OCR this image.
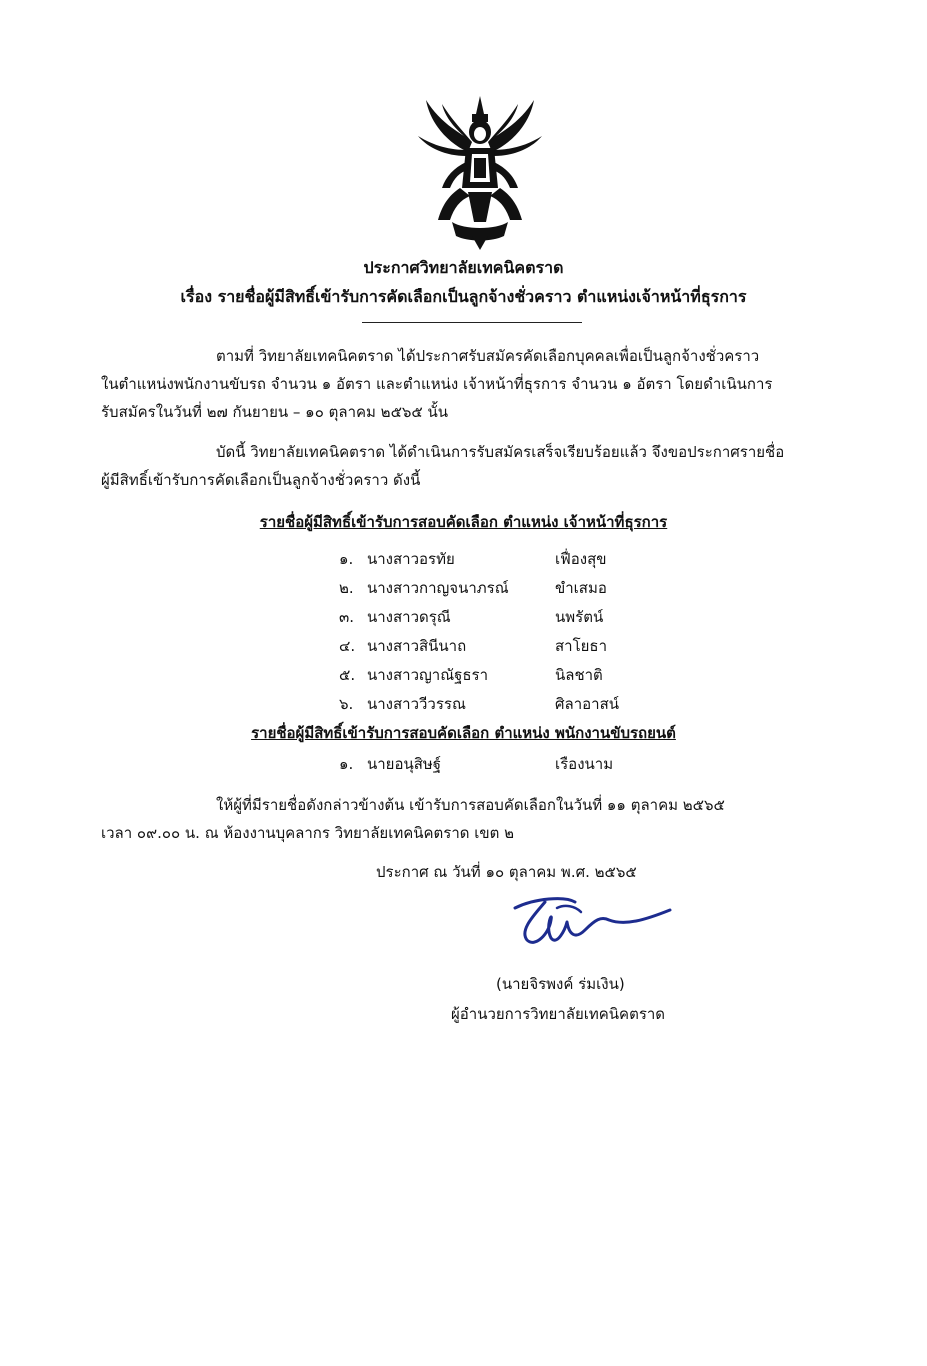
ประกาศวิทยาลัยเทคนิคตราด
เรื่อง รายชื่อผู้มีสิทธิ์เข้ารับการคัดเลือกเป็นลูกจ้างชั่วคราว ตำแหน่งเจ้าหน้าที่ธุรการ
ตามที่ วิทยาลัยเทคนิคตราด ได้ประกาศรับสมัครคัดเลือกบุคคลเพื่อเป็นลูกจ้างชั่วคราว
ในตำแหน่งพนักงานขับรถ จำนวน ๑ อัตรา และตำแหน่ง เจ้าหน้าที่ธุรการ จำนวน ๑ อัตรา โดยดำเนินการ
รับสมัครในวันที่ ๒๗ กันยายน – ๑๐ ตุลาคม ๒๕๖๕ นั้น
บัดนี้ วิทยาลัยเทคนิคตราด ได้ดำเนินการรับสมัครเสร็จเรียบร้อยแล้ว จึงขอประกาศรายชื่อ
ผู้มีสิทธิ์เข้ารับการคัดเลือกเป็นลูกจ้างชั่วคราว ดังนี้
รายชื่อผู้มีสิทธิ์เข้ารับการสอบคัดเลือก ตำแหน่ง เจ้าหน้าที่ธุรการ
๑. นางสาวอรทัย	เฟื่องสุข
๒. นางสาวกาญจนาภรณ์	ขำเสมอ
๓. นางสาวดรุณี	นพรัตน์
๔. นางสาวสินีนาถ	สาโยธา
๕. นางสาวญาณัฐธรา	นิลชาติ
๖. นางสาววีวรรณ	ศิลาอาสน์
รายชื่อผู้มีสิทธิ์เข้ารับการสอบคัดเลือก ตำแหน่ง พนักงานขับรถยนต์
๑. นายอนุสิษฐ์	เรืองนาม
ให้ผู้ที่มีรายชื่อดังกล่าวข้างต้น เข้ารับการสอบคัดเลือกในวันที่ ๑๑ ตุลาคม ๒๕๖๕
เวลา ๐๙.๐๐ น. ณ ห้องงานบุคลากร วิทยาลัยเทคนิคตราด เขต ๒
ประกาศ ณ วันที่ ๑๐ ตุลาคม พ.ศ. ๒๕๖๕
(นายจิรพงค์ ร่มเงิน)
ผู้อำนวยการวิทยาลัยเทคนิคตราด
